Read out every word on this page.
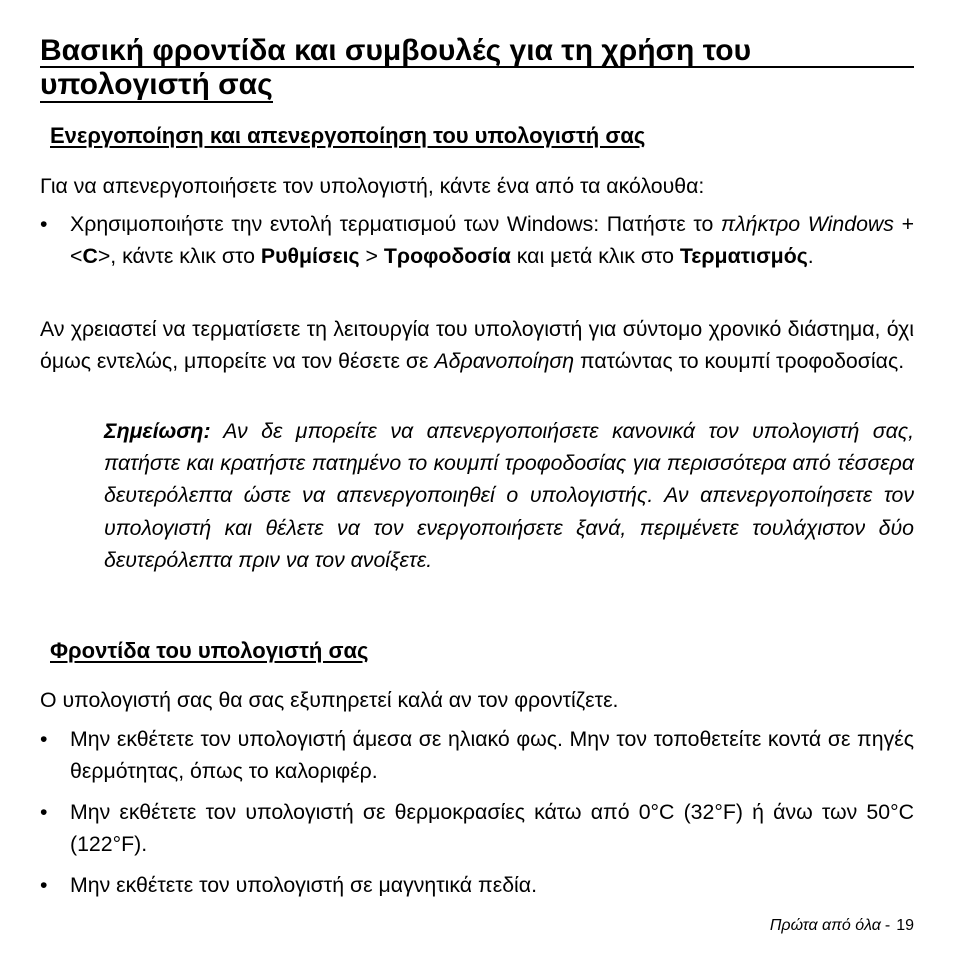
Βασική φροντίδα και συμβουλές για τη χρήση του
υπολογιστή σας
Ενεργοποίηση και απενεργοποίηση του υπολογιστή σας
Για να απενεργοποιήσετε τον υπολογιστή, κάντε ένα από τα ακόλουθα:
• Χρησιμοποιήστε την εντολή τερματισμού των Windows: Πατήστε το πλήκτρο Windows + <C>, κάντε κλικ στο Ρυθμίσεις > Τροφοδοσία και μετά κλικ στο Τερματισμός.
Αν χρειαστεί να τερματίσετε τη λειτουργία του υπολογιστή για σύντομο χρονικό διάστημα, όχι όμως εντελώς, μπορείτε να τον θέσετε σε Αδρανοποίηση πατώντας το κουμπί τροφοδοσίας.
Σημείωση: Αν δε μπορείτε να απενεργοποιήσετε κανονικά τον υπολογιστή σας, πατήστε και κρατήστε πατημένο το κουμπί τροφοδοσίας για περισσότερα από τέσσερα δευτερόλεπτα ώστε να απενεργοποιηθεί ο υπολογιστής. Αν απενεργοποίησετε τον υπολογιστή και θέλετε να τον ενεργοποιήσετε ξανά, περιμένετε τουλάχιστον δύο δευτερόλεπτα πριν να τον ανοίξετε.
Φροντίδα του υπολογιστή σας
Ο υπολογιστή σας θα σας εξυπηρετεί καλά αν τον φροντίζετε.
• Μην εκθέτετε τον υπολογιστή άμεσα σε ηλιακό φως. Μην τον τοποθετείτε κοντά σε πηγές θερμότητας, όπως το καλοριφέρ.
• Μην εκθέτετε τον υπολογιστή σε θερμοκρασίες κάτω από 0°C (32°F) ή άνω των 50°C (122°F).
• Μην εκθέτετε τον υπολογιστή σε μαγνητικά πεδία.
Πρώτα από όλα - 19
